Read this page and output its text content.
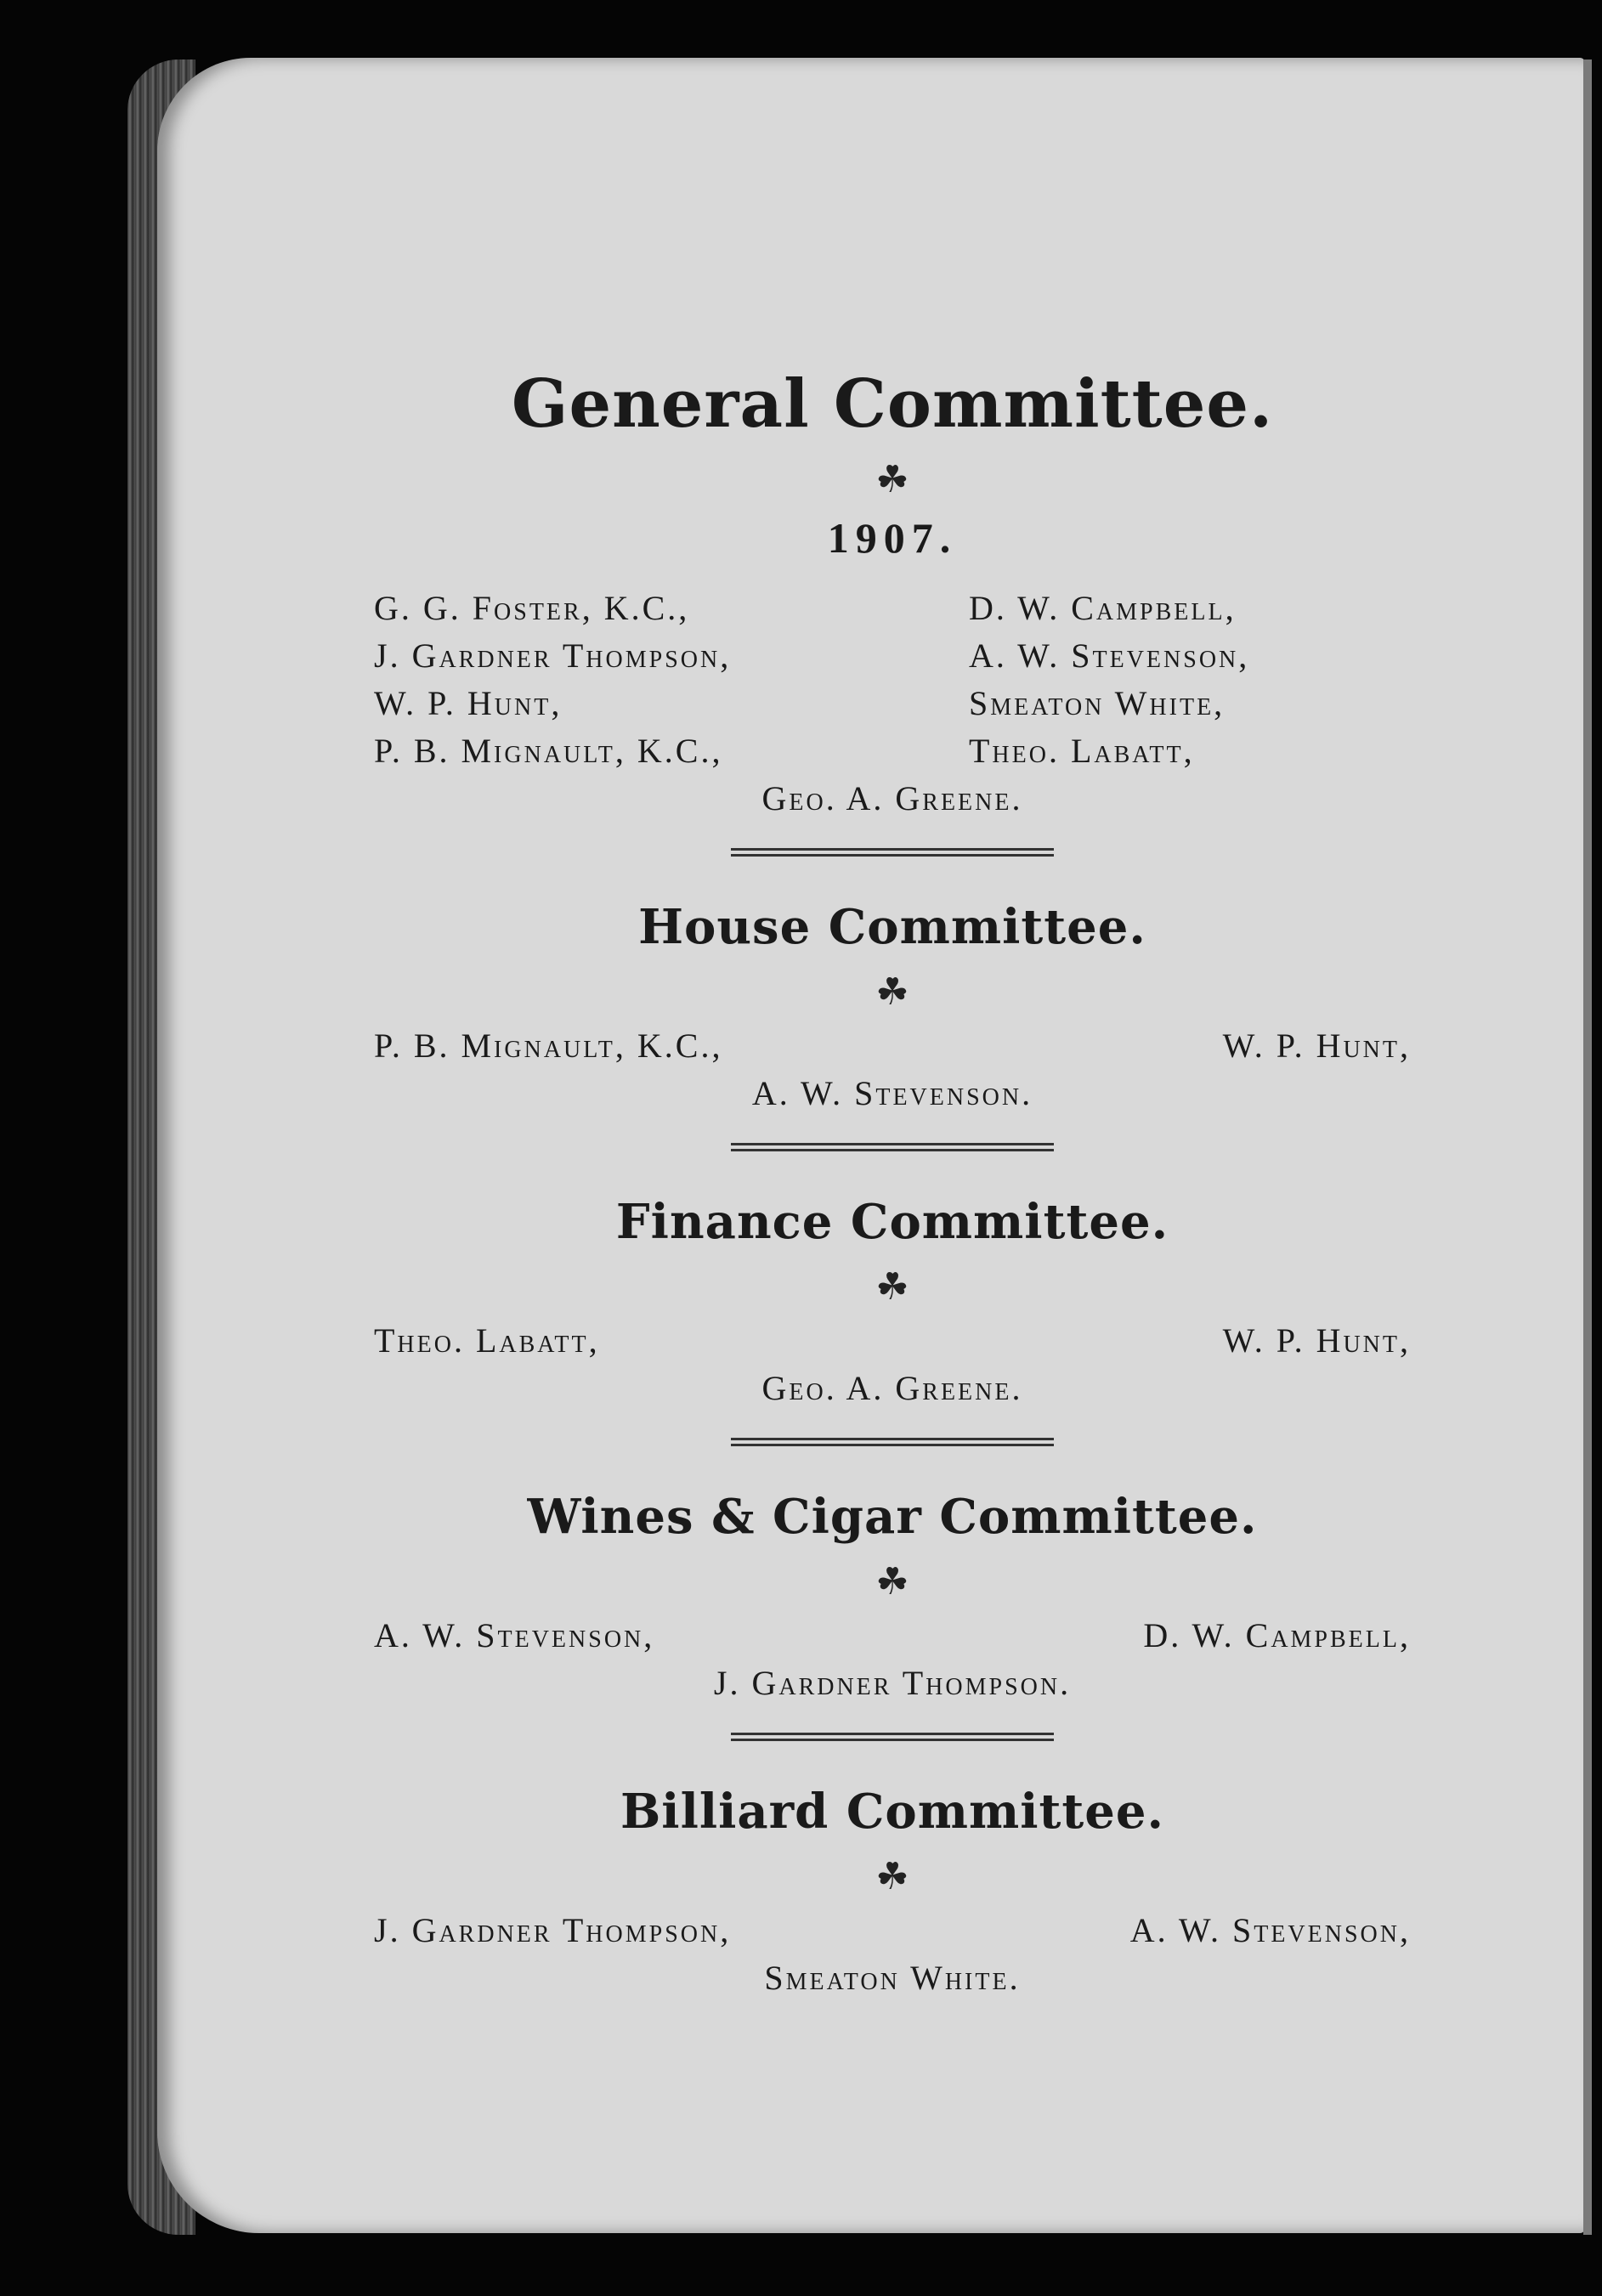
General Committee.
☘
1907.
G. G. Foster, K.C.,	D. W. Campbell,
J. Gardner Thompson,	A. W. Stevenson,
W. P. Hunt,	Smeaton White,
P. B. Mignault, K.C.,	Theo. Labatt,
Geo. A. Greene.
House Committee.
☘
P. B. Mignault, K.C.,	W. P. Hunt,
A. W. Stevenson.
Finance Committee.
☘
Theo. Labatt,	W. P. Hunt,
Geo. A. Greene.
Wines & Cigar Committee.
☘
A. W. Stevenson,	D. W. Campbell,
J. Gardner Thompson.
Billiard Committee.
☘
J. Gardner Thompson,	A. W. Stevenson,
Smeaton White.
